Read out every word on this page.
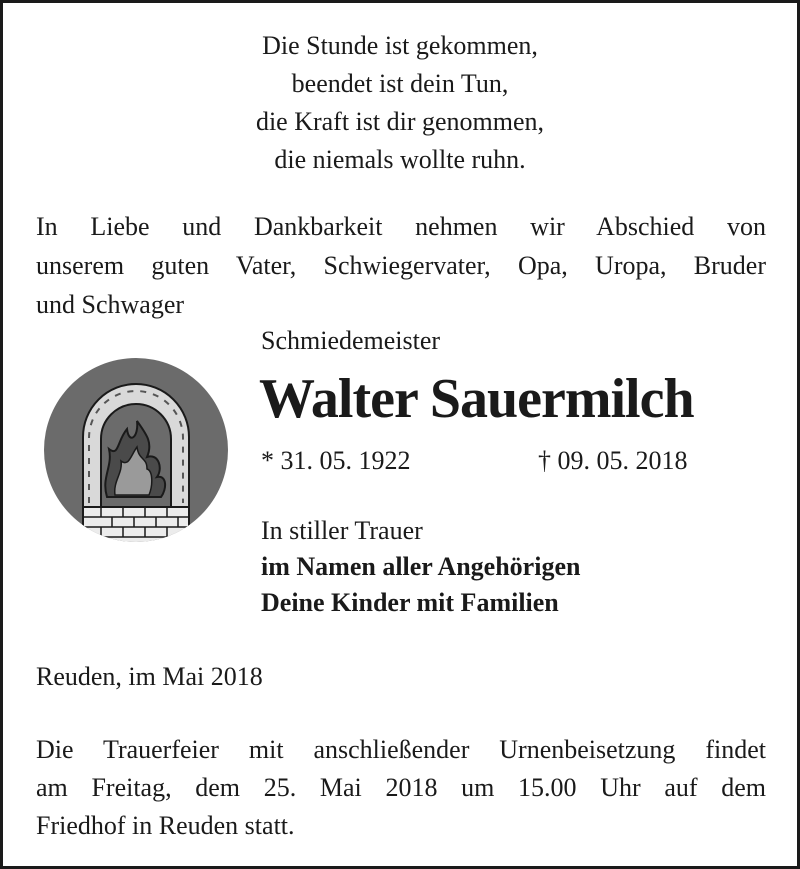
Die Stunde ist gekommen,
beendet ist dein Tun,
die Kraft ist dir genommen,
die niemals wollte ruhn.
In Liebe und Dankbarkeit nehmen wir Abschied von
unserem guten Vater, Schwiegervater, Opa, Uropa, Bruder
und Schwager
Schmiedemeister
Walter Sauermilch
* 31. 05. 1922	† 09. 05. 2018
In stiller Trauer
im Namen aller Angehörigen
Deine Kinder mit Familien
Reuden, im Mai 2018
Die Trauerfeier mit anschließender Urnenbeisetzung findet
am Freitag, dem 25. Mai 2018 um 15.00 Uhr auf dem
Friedhof in Reuden statt.
